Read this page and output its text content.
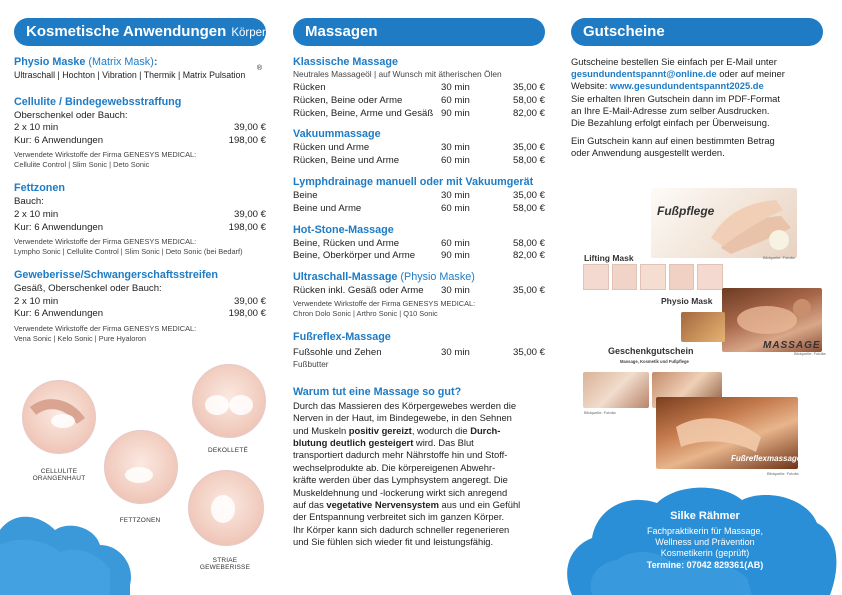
Kosmetische Anwendungen Körper
Physio Maske (Matrix Mask):
Ultraschall | Hochton | Vibration | Thermik | Matrix Pulsation
®
Cellulite / Bindegewebsstraffung
Oberschenkel oder Bauch:
2 x 10 min	39,00 €
Kur: 6 Anwendungen	198,00 €
Verwendete Wirkstoffe der Firma GENESYS MEDICAL:
Cellulite Control | Slim Sonic | Deto Sonic
Fettzonen
Bauch:
2 x 10 min	39,00 €
Kur: 6 Anwendungen	198,00 €
Verwendete Wirkstoffe der Firma GENESYS MEDICAL:
Lympho Sonic | Cellulite Control | Slim Sonic | Deto Sonic (bei Bedarf)
Geweberisse/Schwangerschaftsstreifen
Gesäß, Oberschenkel oder Bauch:
2 x 10 min	39,00 €
Kur: 6 Anwendungen	198,00 €
Verwendete Wirkstoffe der Firma GENESYS MEDICAL:
Vena Sonic | Kelo Sonic | Pure Hyaloron
CELLULITE
ORANGENHAUT
DEKOLLETÉ
FETTZONEN
STRIAE
GEWEBERISSE
Massagen
Klassische Massage
Neutrales Massageöl | auf Wunsch mit ätherischen Ölen
Rücken	30 min	35,00 €
Rücken, Beine oder Arme	60 min	58,00 €
Rücken, Beine, Arme und Gesäß 90 min	82,00 €
Vakuummassage
Rücken und Arme	30 min	35,00 €
Rücken, Beine und Arme	60 min	58,00 €
Lymphdrainage manuell oder mit Vakuumgerät
Beine	30 min	35,00 €
Beine und Arme	60 min	58,00 €
Hot-Stone-Massage
Beine, Rücken und Arme	60 min	58,00 €
Beine, Oberkörper und Arme	90 min	82,00 €
Ultraschall-Massage (Physio Maske)
Rücken inkl. Gesäß oder Arme	30 min	35,00 €
Verwendete Wirkstoffe der Firma GENESYS MEDICAL:
Chron Dolo Sonic | Arthro Sonic | Q10 Sonic
Fußreflex-Massage
Fußsohle und Zehen	30 min	35,00 €
Fußbutter
Warum tut eine Massage so gut?
Durch das Massieren des Körpergewebes werden die
Nerven in der Haut, im Bindegewebe, in den Sehnen
und Muskeln positiv gereizt, wodurch die Durch-
blutung deutlich gesteigert wird. Das Blut
transportiert dadurch mehr Nährstoffe hin und Stoff-
wechselprodukte ab. Die körpereigenen Abwehr-
kräfte werden über das Lymphsystem angeregt. Die
Muskeldehnung und -lockerung wirkt sich anregend
auf das vegetative Nervensystem aus und ein Gefühl
der Entspannung verbreitet sich im ganzen Körper.
Ihr Körper kann sich dadurch schneller regenerieren
und Sie fühlen sich wieder fit und leistungsfähig.
Gutscheine
Gutscheine bestellen Sie einfach per E-Mail unter
gesundundentspannt@online.de oder auf meiner
Website: www.gesundundentspannt2025.de
Sie erhalten Ihren Gutschein dann im PDF-Format
an Ihre E-Mail-Adresse zum selber Ausdrucken.
Die Bezahlung erfolgt einfach per Überweisung.
Ein Gutschein kann auf einen bestimmten Betrag
oder Anwendung ausgestellt werden.
Fußpflege
Bildquelle: Fotolia
Lifting Mask
Physio Mask
MASSAGE
Bildquelle: Fotolia
Geschenkgutschein
Massage, Kosmetik und Fußpflege
Bildquelle: Fotolia
Fußreflexmassage
Bildquelle: Fotolia
Silke Rähmer
Fachpraktikerin für Massage,
Wellness und Prävention
Kosmetikerin (geprüft)
Termine: 07042 829361(AB)
